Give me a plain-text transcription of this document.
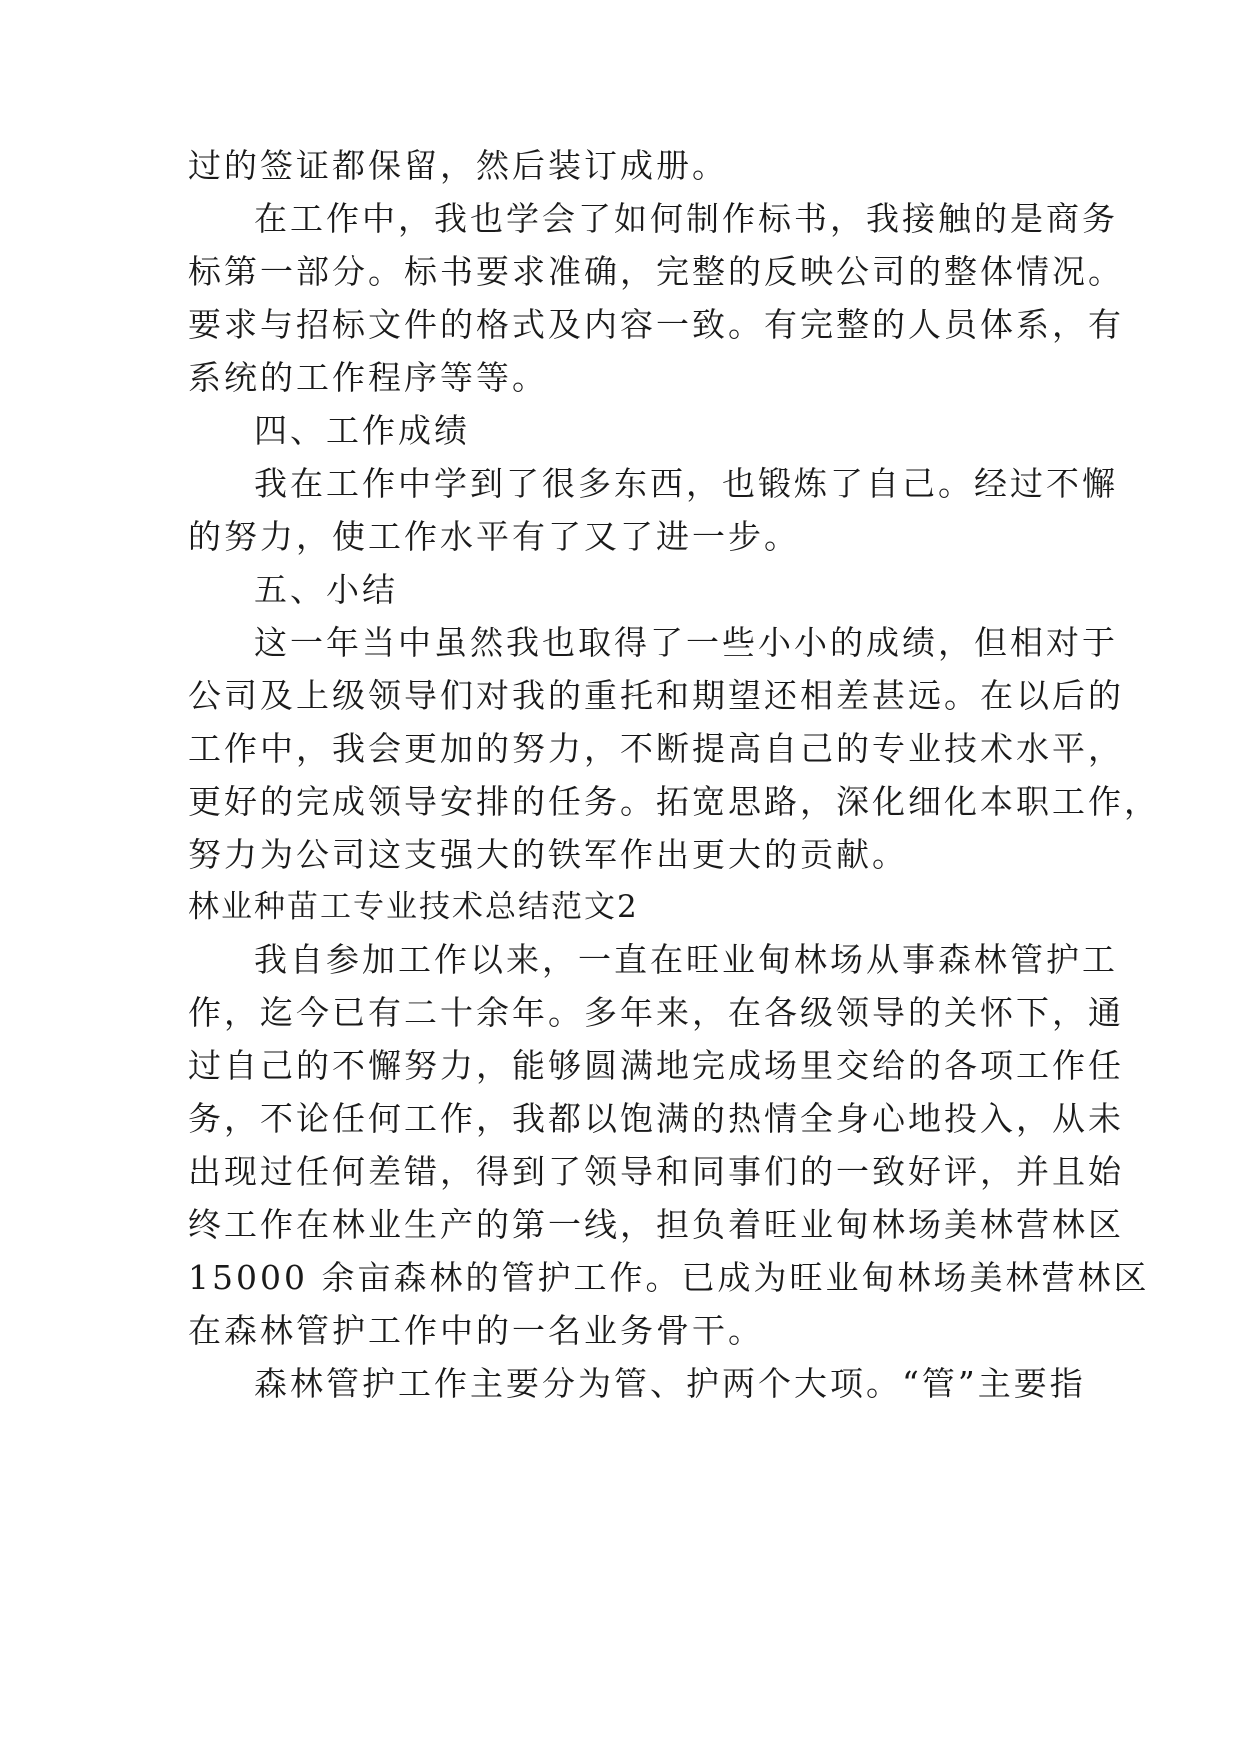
过的签证都保留，然后装订成册。
在工作中，我也学会了如何制作标书，我接触的是商务
标第一部分。标书要求准确，完整的反映公司的整体情况。
要求与招标文件的格式及内容一致。有完整的人员体系，有
系统的工作程序等等。
四、工作成绩
我在工作中学到了很多东西，也锻炼了自己。经过不懈
的努力，使工作水平有了又了进一步。
五、小结
这一年当中虽然我也取得了一些小小的成绩，但相对于
公司及上级领导们对我的重托和期望还相差甚远。在以后的
工作中，我会更加的努力，不断提高自己的专业技术水平，
更好的完成领导安排的任务。拓宽思路，深化细化本职工作，
努力为公司这支强大的铁军作出更大的贡献。
林业种苗工专业技术总结范文2
我自参加工作以来，一直在旺业甸林场从事森林管护工
作，迄今已有二十余年。多年来，在各级领导的关怀下，通
过自己的不懈努力，能够圆满地完成场里交给的各项工作任
务，不论任何工作，我都以饱满的热情全身心地投入，从未
出现过任何差错，得到了领导和同事们的一致好评，并且始
终工作在林业生产的第一线，担负着旺业甸林场美林营林区
15000 余亩森林的管护工作。已成为旺业甸林场美林营林区
在森林管护工作中的一名业务骨干。
森林管护工作主要分为管、护两个大项。“管”主要指
